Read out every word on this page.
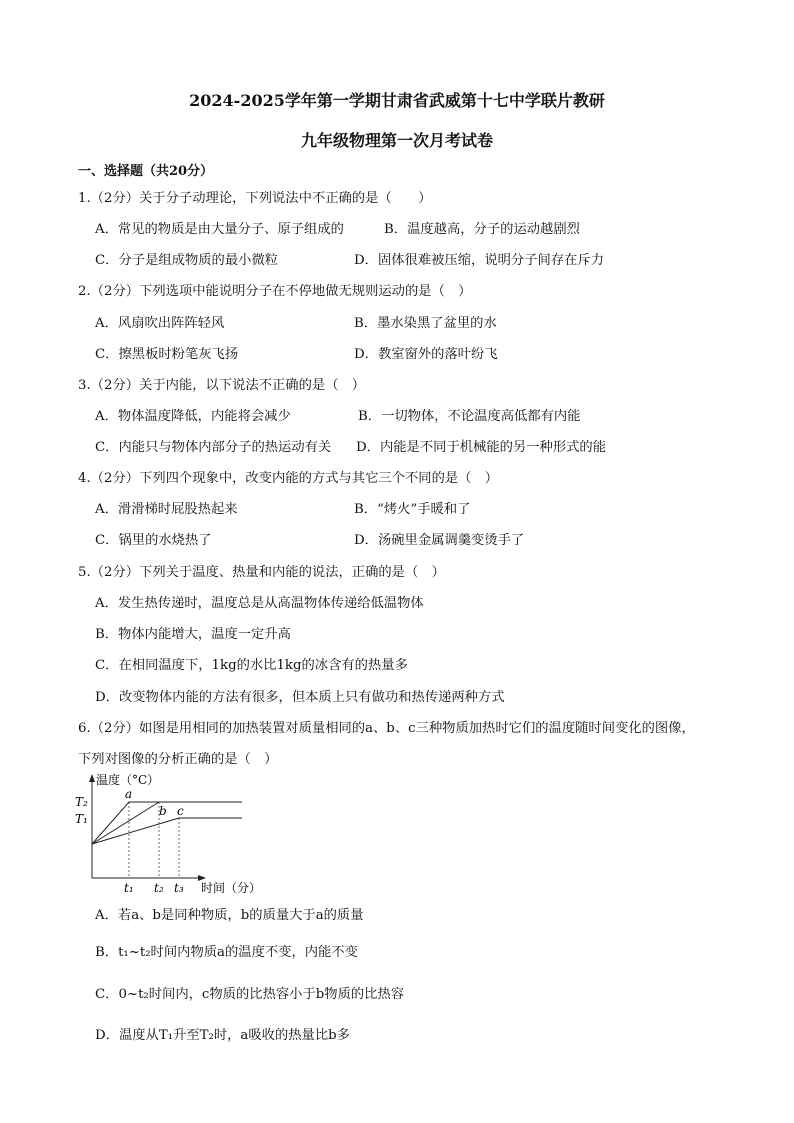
2024-2025学年第一学期甘肃省武威第十七中学联片教研
九年级物理第一次月考试卷
一、选择题（共20分）
1.（2分）关于分子动理论，下列说法中不正确的是（　　）
A．常见的物质是由大量分子、原子组成的	B．温度越高，分子的运动越剧烈
C．分子是组成物质的最小微粒	D．固体很难被压缩，说明分子间存在斥力
2.（2分）下列选项中能说明分子在不停地做无规则运动的是（　）
A．风扇吹出阵阵轻风	B．墨水染黑了盆里的水
C．擦黑板时粉笔灰飞扬	D．教室窗外的落叶纷飞
3.（2分）关于内能，以下说法不正确的是（　）
A．物体温度降低，内能将会减少	B．一切物体，不论温度高低都有内能
C．内能只与物体内部分子的热运动有关 D．内能是不同于机械能的另一种形式的能
4.（2分）下列四个现象中，改变内能的方式与其它三个不同的是（　）
A．滑滑梯时屁股热起来	B．“烤火”手暖和了
C．锅里的水烧热了	D．汤碗里金属调羹变烫手了
5.（2分）下列关于温度、热量和内能的说法，正确的是（　）
A．发生热传递时，温度总是从高温物体传递给低温物体
B．物体内能增大，温度一定升高
C．在相同温度下，1kg的水比1kg的冰含有的热量多
D．改变物体内能的方法有很多，但本质上只有做功和热传递两种方式
6.（2分）如图是用相同的加热装置对质量相同的a、b、c三种物质加热时它们的温度随时间变化的图像，
下列对图像的分析正确的是（　）
温度（°C）
时间（分）
T₂
T₁
t₁ t₂ t₃
a
b c
A．若a、b是同种物质，b的质量大于a的质量
B．t₁~t₂时间内物质a的温度不变，内能不变
C．0~t₂时间内，c物质的比热容小于b物质的比热容
D．温度从T₁升至T₂时，a吸收的热量比b多
